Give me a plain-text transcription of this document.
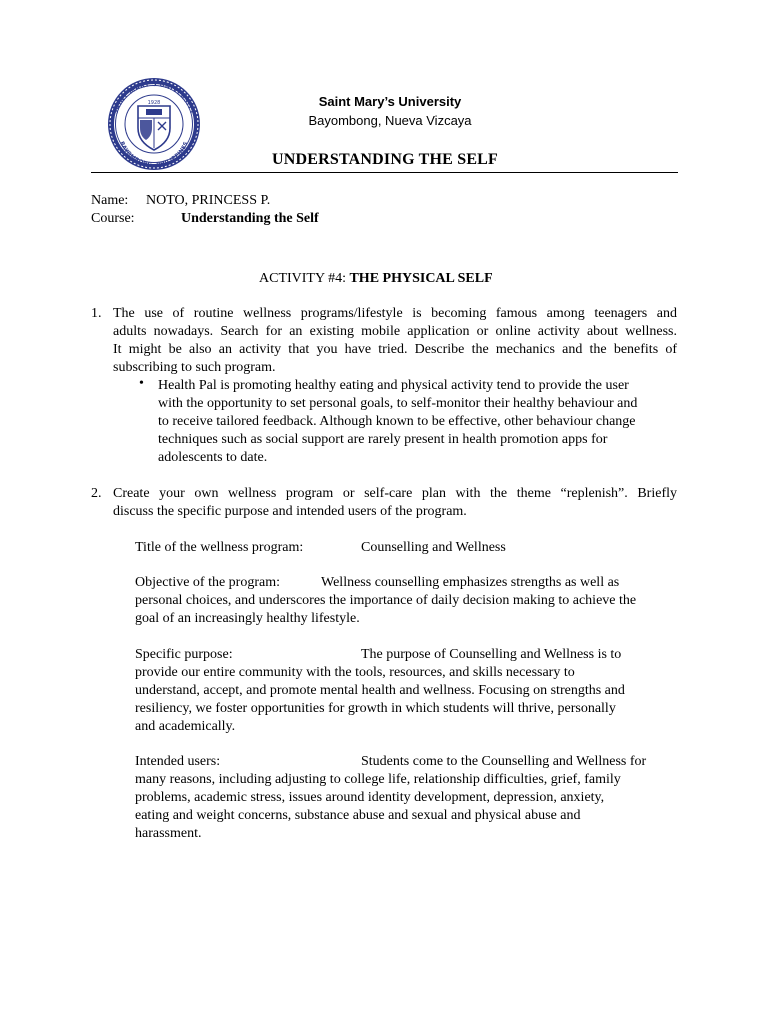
SAINT MARY'S UNIVERSITY
BAYOMBONG, PHILIPPINES
1928	Saint Mary’s University
Bayombong, Nueva Vizcaya
UNDERSTANDING THE SELF
Name: NOTO, PRINCESS P.
Course:	Understanding the Self
ACTIVITY #4: THE PHYSICAL SELF
1. The use of routine wellness programs/lifestyle is becoming famous among teenagers and
adults nowadays. Search for an existing mobile application or online activity about wellness.
It might be also an activity that you have tried. Describe the mechanics and the benefits of
subscribing to such program.
• Health Pal is promoting healthy eating and physical activity tend to provide the user
with the opportunity to set personal goals, to self-monitor their healthy behaviour and
to receive tailored feedback. Although known to be effective, other behaviour change
techniques such as social support are rarely present in health promotion apps for
adolescents to date.
2. Create your own wellness program or self-care plan with the theme “replenish”. Briefly
discuss the specific purpose and intended users of the program.
Title of the wellness program:	Counselling and Wellness
Objective of the program:	Wellness counselling emphasizes strengths as well as
personal choices, and underscores the importance of daily decision making to achieve the
goal of an increasingly healthy lifestyle.
Specific purpose:	The purpose of Counselling and Wellness is to
provide our entire community with the tools, resources, and skills necessary to
understand, accept, and promote mental health and wellness. Focusing on strengths and
resiliency, we foster opportunities for growth in which students will thrive, personally
and academically.
Intended users:	Students come to the Counselling and Wellness for
many reasons, including adjusting to college life, relationship difficulties, grief, family
problems, academic stress, issues around identity development, depression, anxiety,
eating and weight concerns, substance abuse and sexual and physical abuse and
harassment.
